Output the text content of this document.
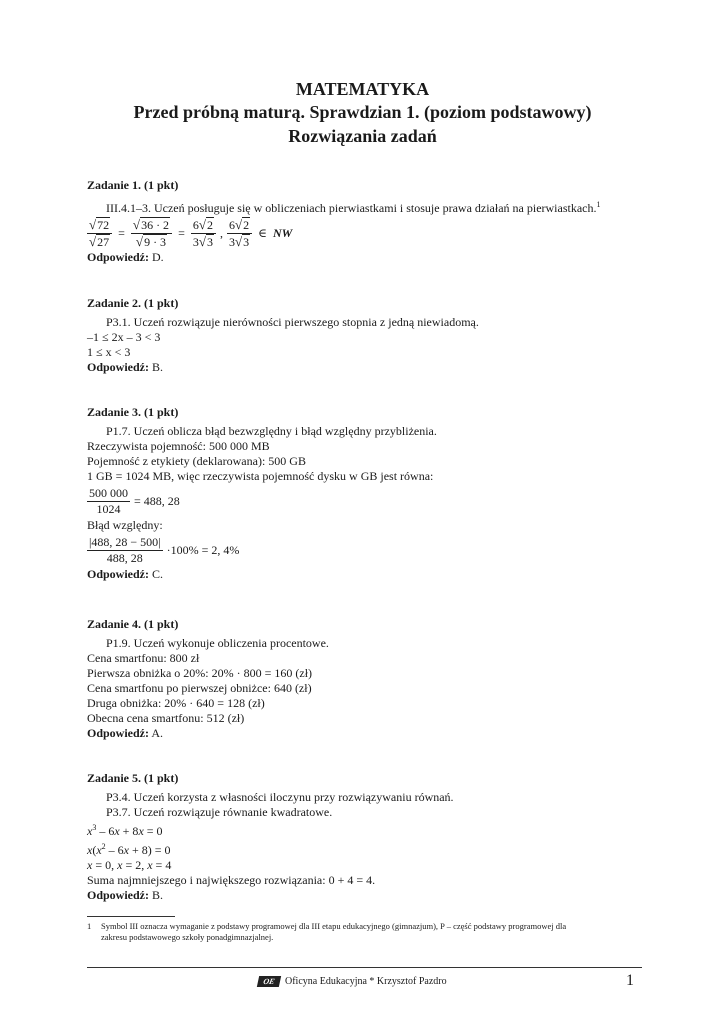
MATEMATYKA
Przed próbną maturą. Sprawdzian 1. (poziom podstawowy)
Rozwiązania zadań
Zadanie 1. (1 pkt)
III.4.1–3. Uczeń posługuje się w obliczeniach pierwiastkami i stosuje prawa działań na pierwiastkach.$^1$
$\frac{√72}{√27} = \frac{√36 \cdot 2}{√9 \cdot 3} = \frac{6√2}{3√3}$ , $\frac{6√2}{3√3}$ ∈ NW
Odpowiedź: D.
Zadanie 2. (1 pkt)
P3.1. Uczeń rozwiązuje nierówności pierwszego stopnia z jedną niewiadomą.
–1 ≤ 2x – 3 < 3
1 ≤ x < 3
Odpowiedź: B.
Zadanie 3. (1 pkt)
P1.7. Uczeń oblicza błąd bezwzględny i błąd względny przybliżenia.
Rzeczywista pojemność: 500 000 MB
Pojemność z etykiety (deklarowana): 500 GB
1 GB = 1024 MB, więc rzeczywista pojemność dysku w GB jest równa:
$\frac{500 000}{1024} = 488$, 28
Błąd względny:
$\frac{|488, 28 - 500|}{488, 28} \cdot 100\% = 2$, 4%
Odpowiedź: C.
Zadanie 4. (1 pkt)
P1.9. Uczeń wykonuje obliczenia procentowe.
Cena smartfonu: 800 zł
Pierwsza obniżka o 20%: 20% · 800 = 160 (zł)
Cena smartfonu po pierwszej obniżce: 640 (zł)
Druga obniżka: 20% · 640 = 128 (zł)
Obecna cena smartfonu: 512 (zł)
Odpowiedź: A.
Zadanie 5. (1 pkt)
P3.4. Uczeń korzysta z własności iloczynu przy rozwiązywaniu równań.
P3.7. Uczeń rozwiązuje równanie kwadratowe.
$x^3 - 6x + 8x = 0$
$x(x^2 - 6x + 8) = 0$
x = 0, x = 2, x = 4
Suma najmniejszego i największego rozwiązania: 0 + 4 = 4.
Odpowiedź: B.
1 Symbol III oznacza wymaganie z podstawy programowej dla III etapu edukacyjnego (gimnazjum), P – część podstawy programowej dla
zakresu podstawowego szkoły ponadgimnazjalnej.
OE Oficyna Edukacyjna * Krzysztof Pazdro	1
